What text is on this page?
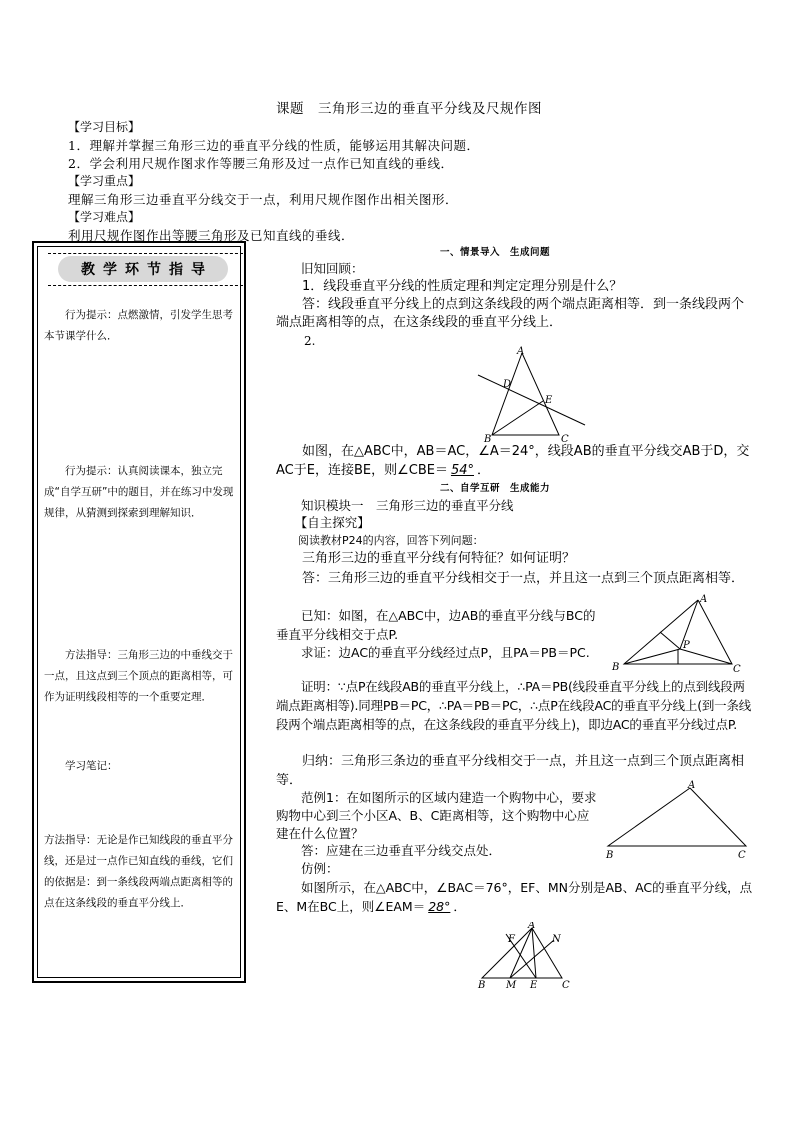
课题　三角形三边的垂直平分线及尺规作图
【学习目标】
1．理解并掌握三角形三边的垂直平分线的性质，能够运用其解决问题．
2．学会利用尺规作图求作等腰三角形及过一点作已知直线的垂线．
【学习重点】
理解三角形三边垂直平分线交于一点，利用尺规作图作出相关图形．
【学习难点】
利用尺规作图作出等腰三角形及已知直线的垂线．
教 学 环 节 指 导
行为提示：点燃激情，引发学生思考本节课学什么．
行为提示：认真阅读课本，独立完成“自学互研”中的题目，并在练习中发现规律，从猜测到探索到理解知识．
方法指导：三角形三边的中垂线交于一点，且这点到三个顶点的距离相等，可作为证明线段相等的一个重要定理．
学习笔记：
方法指导：无论是作已知线段的垂直平分线，还是过一点作已知直线的垂线，它们的依据是：到一条线段两端点距离相等的点在这条线段的垂直平分线上．
一、情景导入　生成问题
旧知回顾：
1．线段垂直平分线的性质定理和判定定理分别是什么？
答：线段垂直平分线上的点到这条线段的两个端点距离相等．到一条线段两个端点距离相等的点，在这条线段的垂直平分线上．
2.
A
D
E
B	C
如图，在△ABC中，AB＝AC，∠A＝24°，线段AB的垂直平分线交AB于D，交AC于E，连接BE，则∠CBE＝ 54° ．
二、自学互研　生成能力
知识模块一　三角形三边的垂直平分线
【自主探究】
阅读教材P24的内容，回答下列问题：
三角形三边的垂直平分线有何特征？如何证明？
答：三角形三边的垂直平分线相交于一点，并且这一点到三个顶点距离相等．
已知：如图，在△ABC中，边AB的垂直平分线与BC的垂直平分线相交于点P.
求证：边AC的垂直平分线经过点P，且PA＝PB＝PC.
A
P
B	C
证明：∵点P在线段AB的垂直平分线上，∴PA＝PB(线段垂直平分线上的点到线段两端点距离相等).同理PB＝PC，∴PA＝PB＝PC，∴点P在线段AC的垂直平分线上(到一条线段两个端点距离相等的点，在这条线段的垂直平分线上)，即边AC的垂直平分线过点P.
归纳：三角形三条边的垂直平分线相交于一点，并且这一点到三个顶点距离相等．
范例1：在如图所示的区域内建造一个购物中心，要求购物中心到三个小区A、B、C距离相等，这个购物中心应建在什么位置？
A
B	C
答：应建在三边垂直平分线交点处．
仿例：
如图所示，在△ABC中，∠BAC＝76°，EF、MN分别是AB、AC的垂直平分线，点E、M在BC上，则∠EAM＝ 28° ．
F
A
N
B M E C
